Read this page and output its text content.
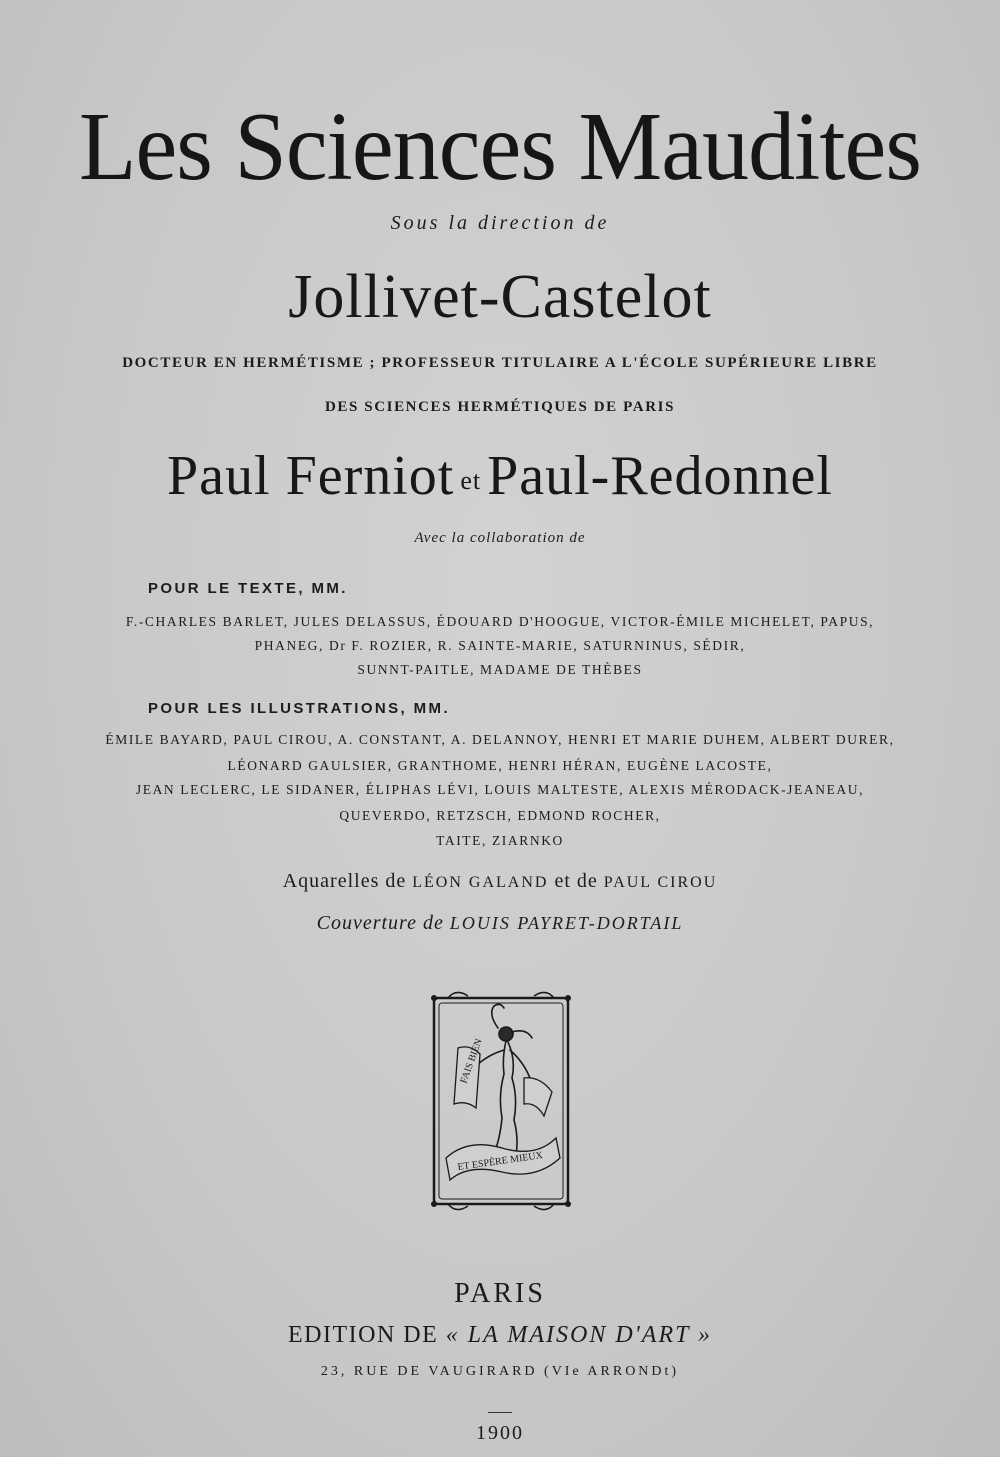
Les Sciences Maudites
Sous la direction de
Jollivet-Castelot
DOCTEUR EN HERMÉTISME ; PROFESSEUR TITULAIRE A L'ÉCOLE SUPÉRIEURE LIBRE
DES SCIENCES HERMÉTIQUES DE PARIS
Paul Ferniot et Paul-Redonnel
Avec la collaboration de
POUR LE TEXTE, MM.
F.-CHARLES BARLET, JULES DELASSUS, ÉDOUARD D'HOOGUE, VICTOR-ÉMILE MICHELET, PAPUS,
PHANEG, Dr F. ROZIER, R. SAINTE-MARIE, SATURNINUS, SÉDIR,
SUNNT-PAITLE, MADAME DE THÈBES
POUR LES ILLUSTRATIONS, MM.
ÉMILE BAYARD, PAUL CIROU, A. CONSTANT, A. DELANNOY, HENRI ET MARIE DUHEM, ALBERT DURER,
LÉONARD GAULSIER, GRANTHOME, HENRI HÉRAN, EUGÈNE LACOSTE,
JEAN LECLERC, LE SIDANER, ÉLIPHAS LÉVI, LOUIS MALTESTE, ALEXIS MÉRODACK-JEANEAU,
QUEVERDO, RETZSCH, EDMOND ROCHER,
TAITE, ZIARNKO
Aquarelles de LÉON GALAND et de PAUL CIROU
Couverture de LOUIS PAYRET-DORTAIL
FAIS BIEN
ET ESPÈRE MIEUX
PARIS
EDITION DE « LA MAISON D'ART »
23, RUE DE VAUGIRARD (VIe ARRONDt)
1900
